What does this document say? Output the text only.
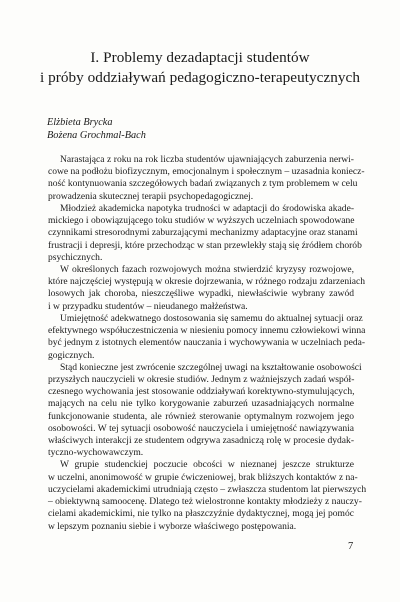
I. Problemy dezadaptacji studentów
i próby oddziaływań pedagogiczno-terapeutycznych
Elżbieta Brycka
Bożena Grochmal-Bach

Narastająca z roku na rok liczba studentów ujawniających zaburzenia nerwi-
cowe na podłożu biofizycznym, emocjonalnym i społecznym – uzasadnia koniecz-
ność kontynuowania szczegółowych badań związanych z tym problemem w celu
prowadzenia skutecznej terapii psychopedagogicznej.

Młodzież akademicka napotyka trudności w adaptacji do środowiska akade-
mickiego i obowiązującego toku studiów w wyższych uczelniach spowodowane
czynnikami stresorodnymi zaburzającymi mechanizmy adaptacyjne oraz stanami
frustracji i depresji, które przechodząc w stan przewlekły stają się źródłem chorób
psychicznych.

W określonych fazach rozwojowych można stwierdzić kryzysy rozwojowe,
które najczęściej występują w okresie dojrzewania, w różnego rodzaju zdarzeniach
losowych jak choroba, nieszczęśliwe wypadki, niewłaściwie wybrany zawód
i w przypadku studentów – nieudanego małżeństwa.

Umiejętność adekwatnego dostosowania się samemu do aktualnej sytuacji oraz
efektywnego współuczestniczenia w niesieniu pomocy innemu człowiekowi winna
być jednym z istotnych elementów nauczania i wychowywania w uczelniach peda-
gogicznych.

Stąd konieczne jest zwrócenie szczególnej uwagi na kształtowanie osobowości
przyszłych nauczycieli w okresie studiów. Jednym z ważniejszych zadań współ-
czesnego wychowania jest stosowanie oddziaływań korektywno-stymulujących,
mających na celu nie tylko korygowanie zaburzeń uzasadniających normalne
funkcjonowanie studenta, ale również sterowanie optymalnym rozwojem jego
osobowości. W tej sytuacji osobowość nauczyciela i umiejętność nawiązywania
właściwych interakcji ze studentem odgrywa zasadniczą rolę w procesie dydak-
tyczno-wychowawczym.

W grupie studenckiej poczucie obcości w nieznanej jeszcze strukturze
w uczelni, anonimowość w grupie ćwiczeniowej, brak bliższych kontaktów z na-
uczycielami akademickimi utrudniają często – zwłaszcza studentom lat pierwszych
– obiektywną samoocenę. Dlatego też wielostronne kontakty młodzieży z nauczy-
cielami akademickimi, nie tylko na płaszczyźnie dydaktycznej, mogą jej pomóc
w lepszym poznaniu siebie i wyborze właściwego postępowania.

7
